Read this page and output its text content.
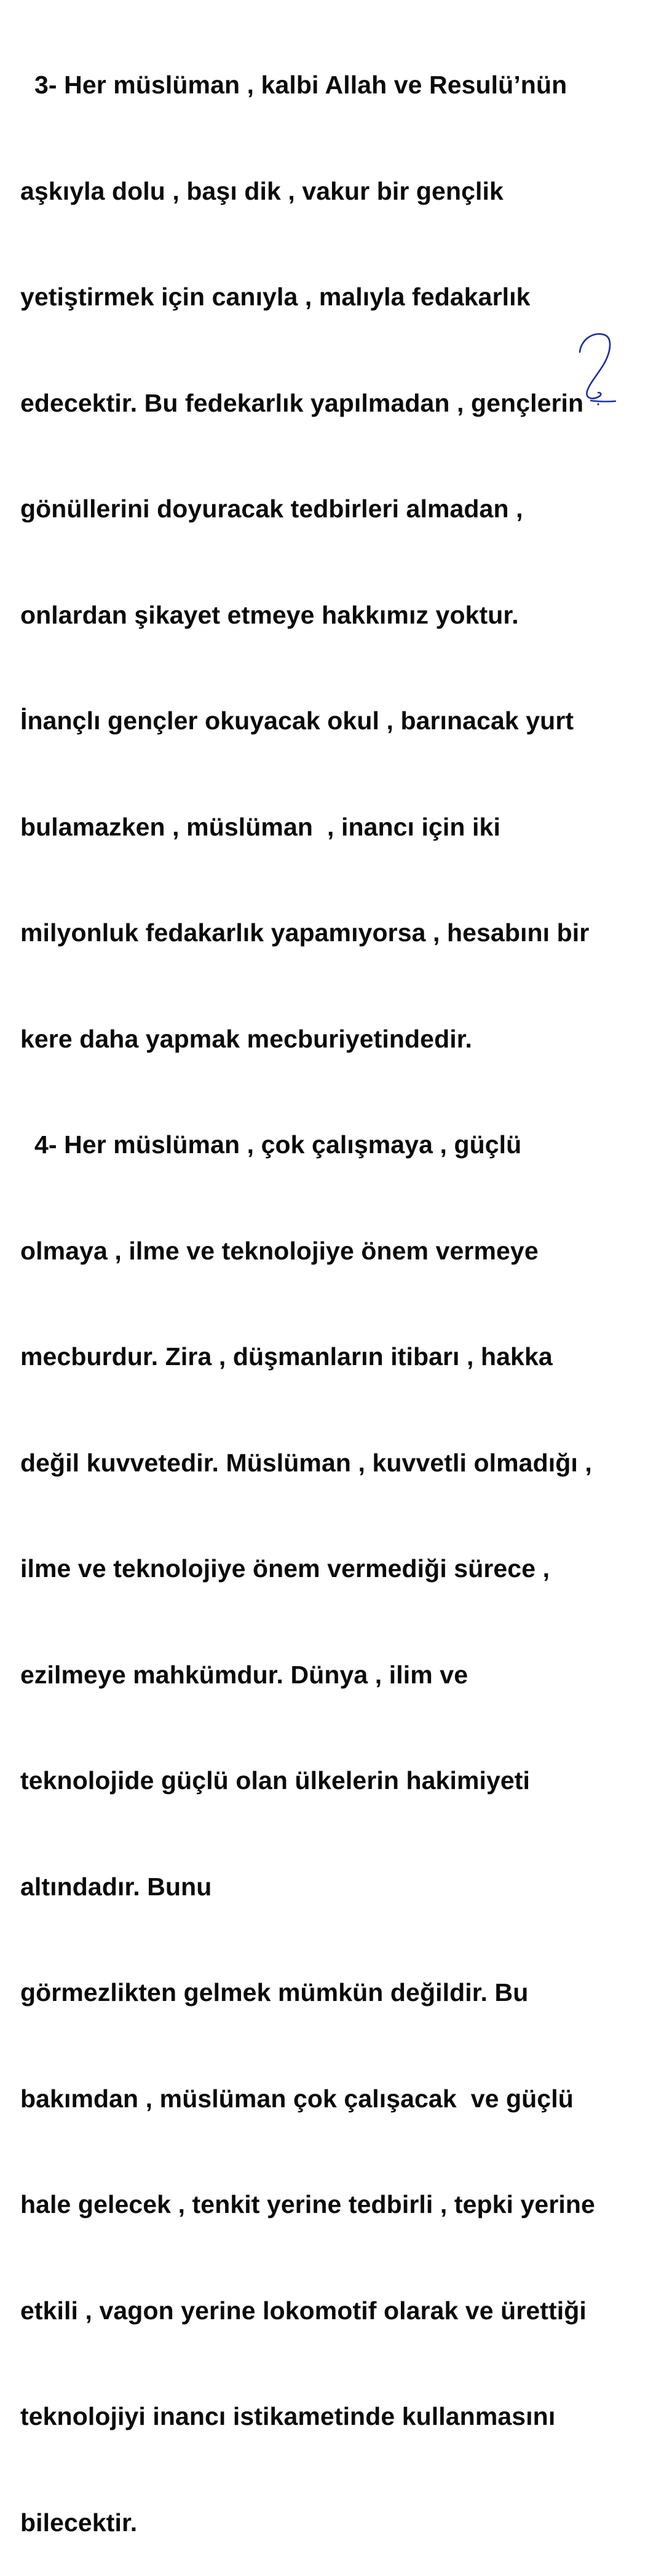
3- Her müslüman , kalbi Allah ve Resulü’nün

aşkıyla dolu , başı dik , vakur bir gençlik

yetiştirmek için canıyla , malıyla fedakarlık

edecektir. Bu fedekarlık yapılmadan , gençlerin

gönüllerini doyuracak tedbirleri almadan ,

onlardan şikayet etmeye hakkımız yoktur.

İnançlı gençler okuyacak okul , barınacak yurt

bulamazken , müslüman  , inancı için iki

milyonluk fedakarlık yapamıyorsa , hesabını bir

kere daha yapmak mecburiyetindedir.

4- Her müslüman , çok çalışmaya , güçlü

olmaya , ilme ve teknolojiye önem vermeye

mecburdur. Zira , düşmanların itibarı , hakka

değil kuvvetedir. Müslüman , kuvvetli olmadığı ,

ilme ve teknolojiye önem vermediği sürece ,

ezilmeye mahkümdur. Dünya , ilim ve

teknolojide güçlü olan ülkelerin hakimiyeti

altındadır. Bunu

görmezlikten gelmek mümkün değildir. Bu

bakımdan , müslüman çok çalışacak  ve güçlü

hale gelecek , tenkit yerine tedbirli , tepki yerine

etkili , vagon yerine lokomotif olarak ve ürettiği

teknolojiyi inancı istikametinde kullanmasını

bilecektir.
